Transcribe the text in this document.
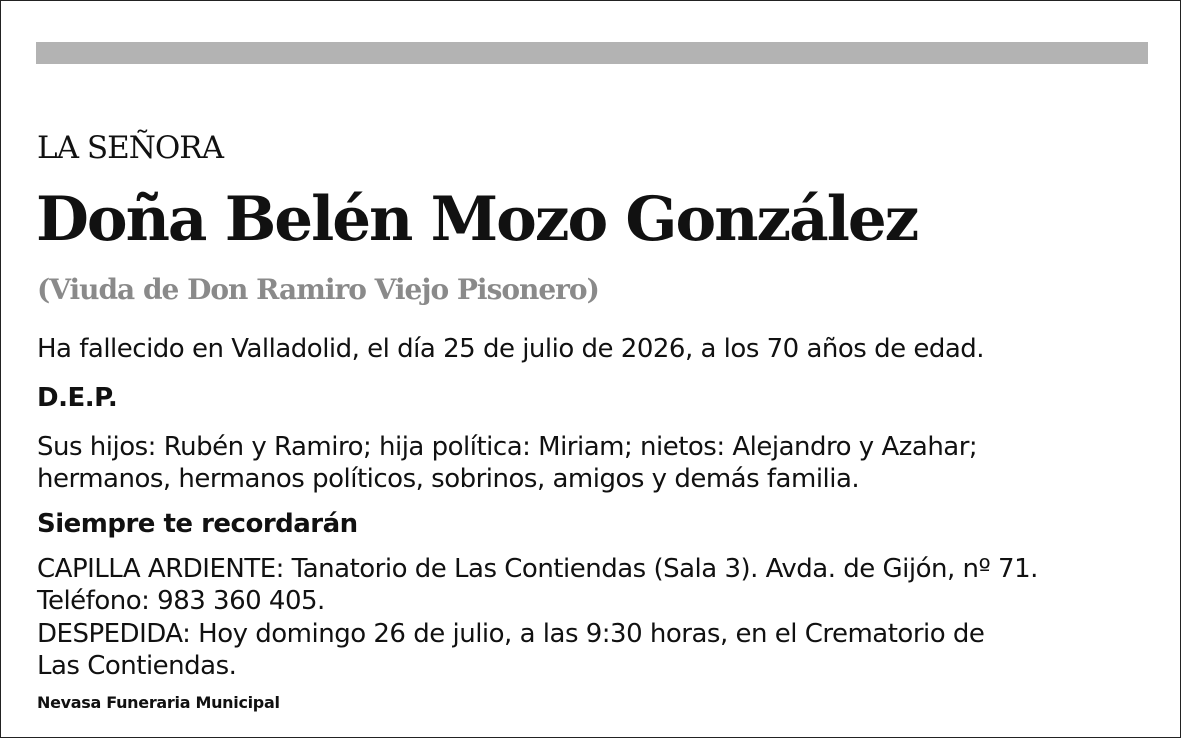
LA SEÑORA
Doña Belén Mozo González
(Viuda de Don Ramiro Viejo Pisonero)
Ha fallecido en Valladolid, el día 25 de julio de 2026, a los 70 años de edad.
D.E.P.
Sus hijos: Rubén y Ramiro; hija política: Miriam; nietos: Alejandro y Azahar;
hermanos, hermanos políticos, sobrinos, amigos y demás familia.
Siempre te recordarán
CAPILLA ARDIENTE: Tanatorio de Las Contiendas (Sala 3). Avda. de Gijón, nº 71.
Teléfono: 983 360 405.
DESPEDIDA: Hoy domingo 26 de julio, a las 9:30 horas, en el Crematorio de
Las Contiendas.
Nevasa Funeraria Municipal
